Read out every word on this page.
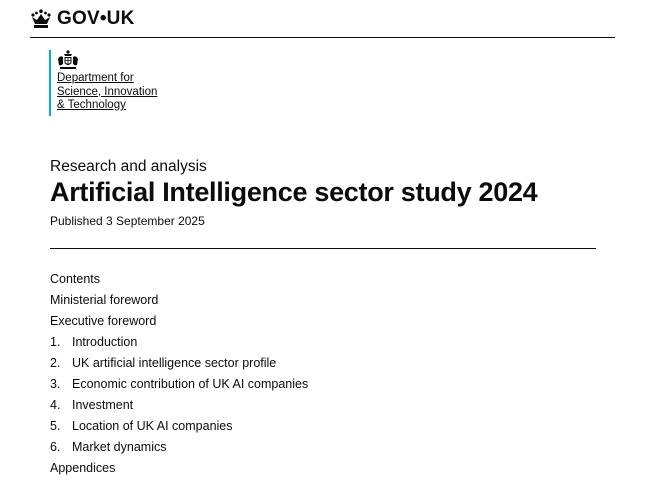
GOV•UK
Department for
Science, Innovation
& Technology
Research and analysis
Artificial Intelligence sector study 2024
Published 3 September 2025
Contents
Ministerial foreword
Executive foreword
1. Introduction
2. UK artificial intelligence sector profile
3. Economic contribution of UK AI companies
4. Investment
5. Location of UK AI companies
6. Market dynamics
Appendices
